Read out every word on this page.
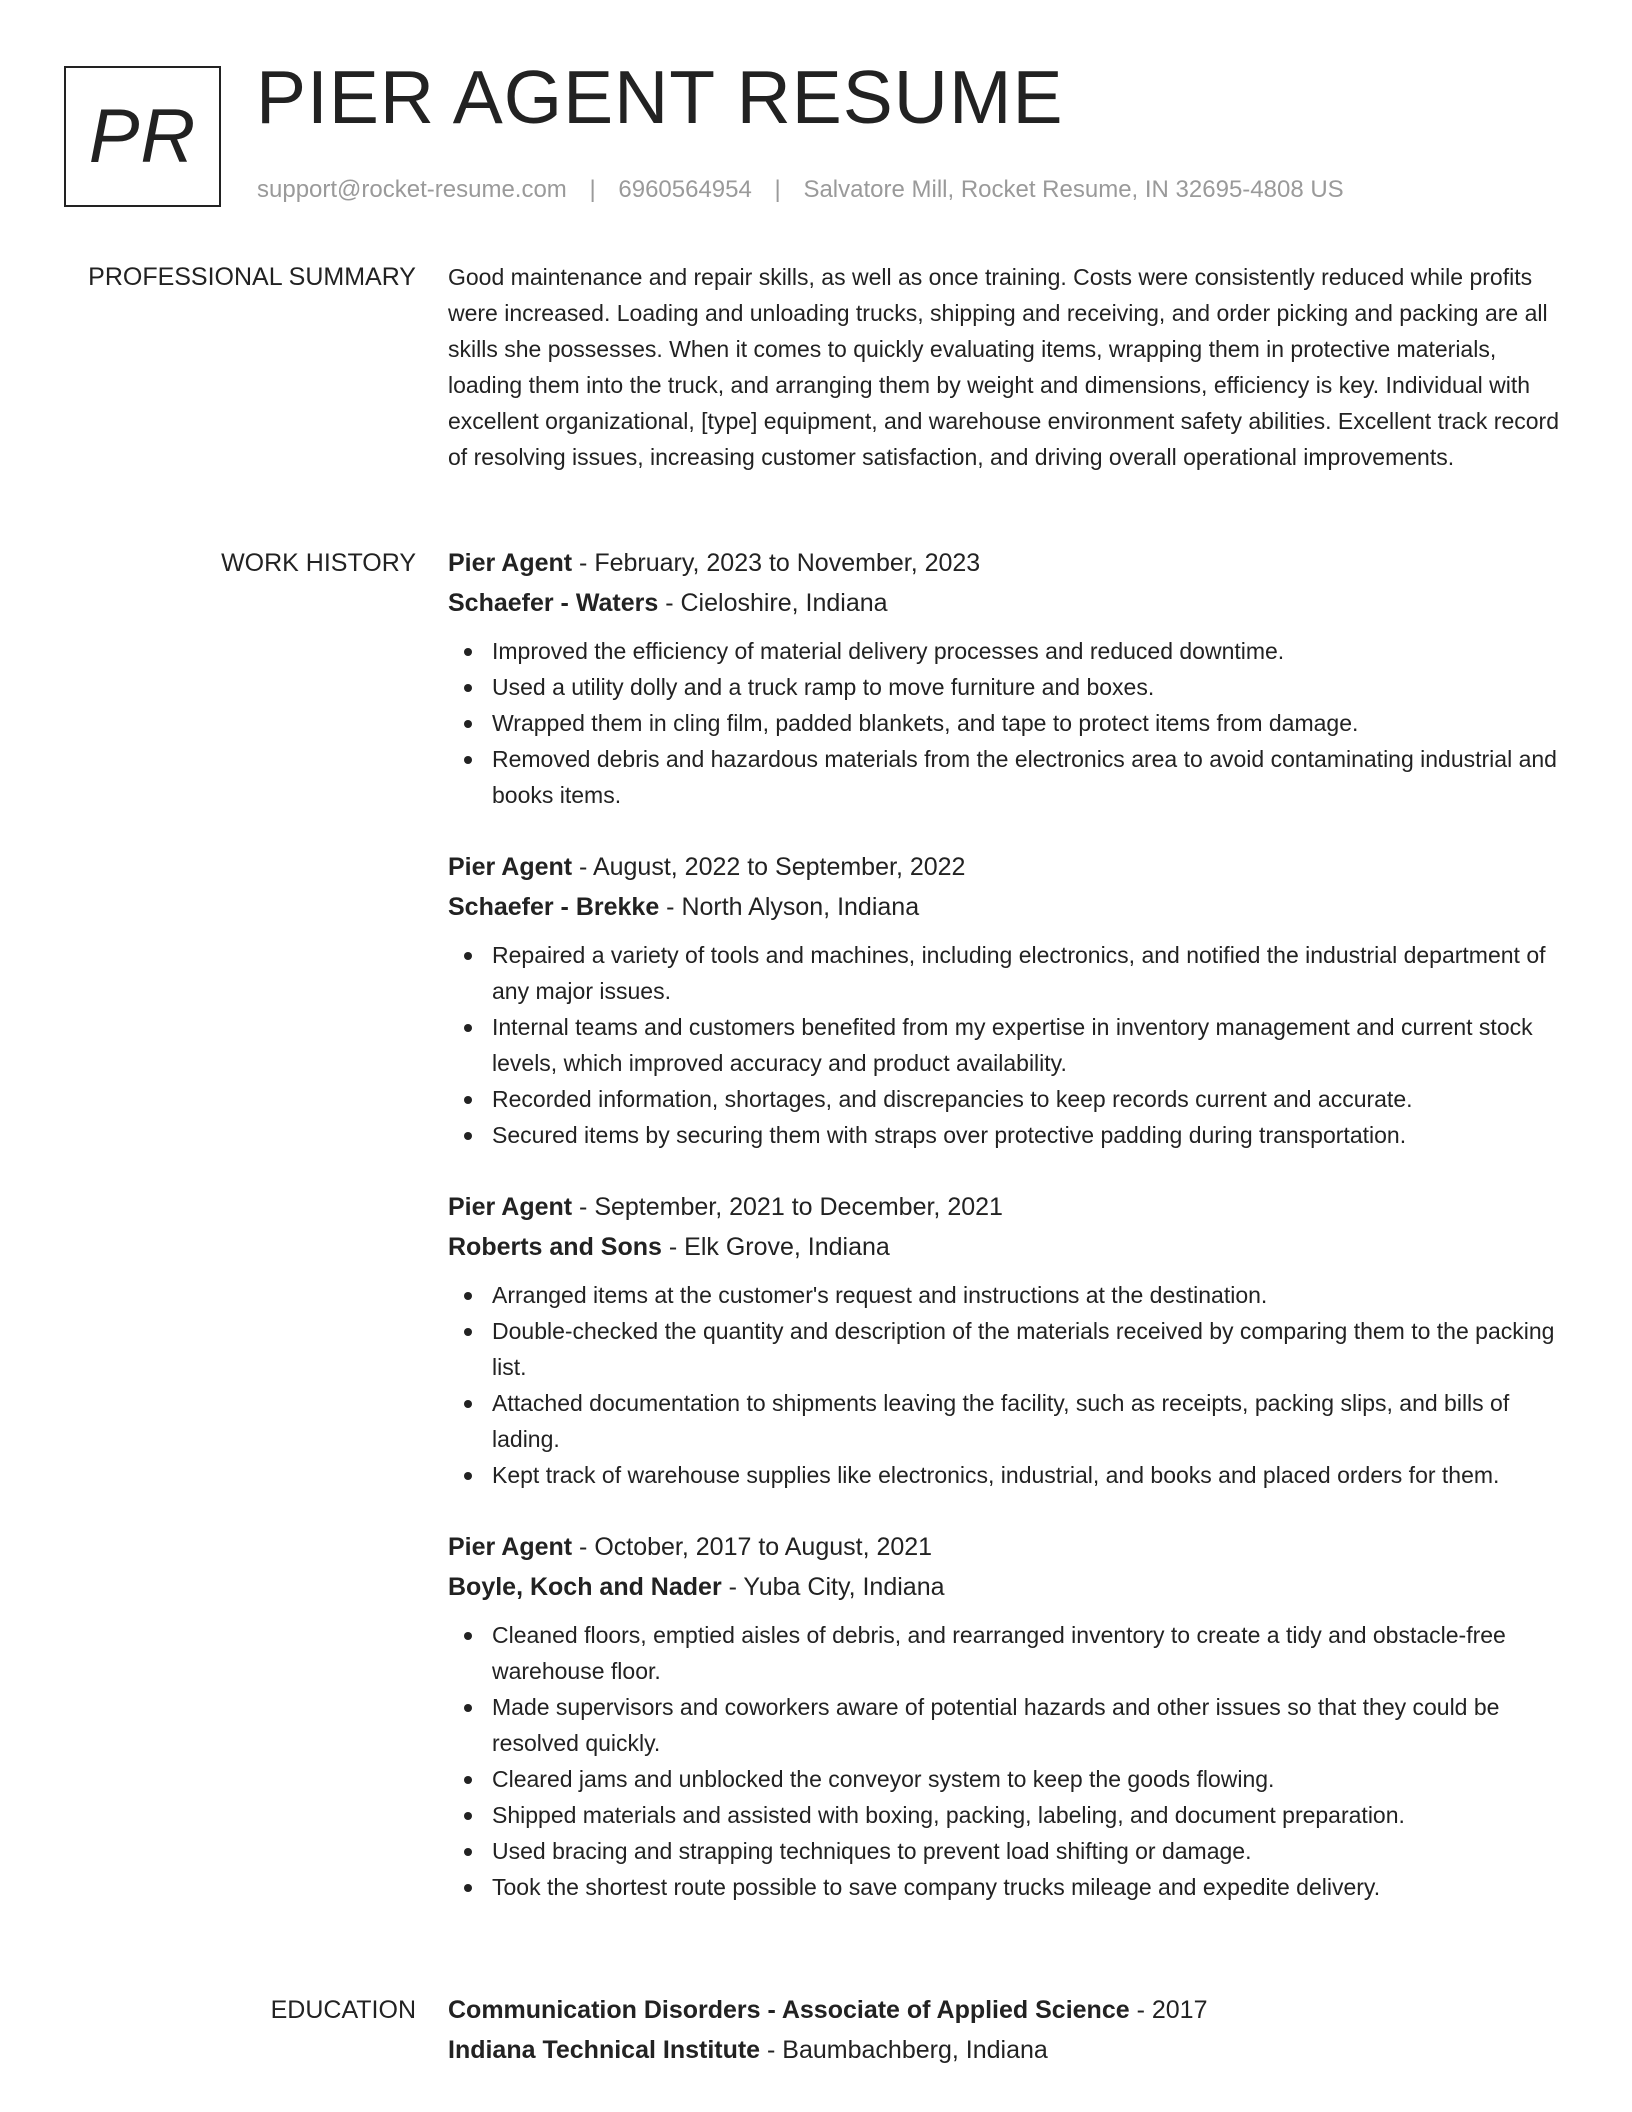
PR PIER AGENT RESUME
support@rocket-resume.com | 6960564954 | Salvatore Mill, Rocket Resume, IN 32695-4808 US
PROFESSIONAL SUMMARY Good maintenance and repair skills, as well as once training. Costs were consistently reduced while profits were increased. Loading and unloading trucks, shipping and receiving, and order picking and packing are all skills she possesses. When it comes to quickly evaluating items, wrapping them in protective materials, loading them into the truck, and arranging them by weight and dimensions, efficiency is key. Individual with excellent organizational, [type] equipment, and warehouse environment safety abilities. Excellent track record of resolving issues, increasing customer satisfaction, and driving overall operational improvements.

WORK HISTORY Pier Agent - February, 2023 to November, 2023

Schaefer - Waters - Cieloshire, Indiana

Improved the efficiency of material delivery processes and reduced downtime.
Used a utility dolly and a truck ramp to move furniture and boxes.
Wrapped them in cling film, padded blankets, and tape to protect items from damage.
Removed debris and hazardous materials from the electronics area to avoid contaminating industrial and books items.

Pier Agent - August, 2022 to September, 2022

Schaefer - Brekke - North Alyson, Indiana

Repaired a variety of tools and machines, including electronics, and notified the industrial department of any major issues.
Internal teams and customers benefited from my expertise in inventory management and current stock levels, which improved accuracy and product availability.
Recorded information, shortages, and discrepancies to keep records current and accurate.
Secured items by securing them with straps over protective padding during transportation.

Pier Agent - September, 2021 to December, 2021

Roberts and Sons - Elk Grove, Indiana

Arranged items at the customer's request and instructions at the destination.
Double-checked the quantity and description of the materials received by comparing them to the packing list.
Attached documentation to shipments leaving the facility, such as receipts, packing slips, and bills of lading.
Kept track of warehouse supplies like electronics, industrial, and books and placed orders for them.

Pier Agent - October, 2017 to August, 2021

Boyle, Koch and Nader - Yuba City, Indiana

Cleaned floors, emptied aisles of debris, and rearranged inventory to create a tidy and obstacle-free warehouse floor.
Made supervisors and coworkers aware of potential hazards and other issues so that they could be resolved quickly.
Cleared jams and unblocked the conveyor system to keep the goods flowing.
Shipped materials and assisted with boxing, packing, labeling, and document preparation.
Used bracing and strapping techniques to prevent load shifting or damage.
Took the shortest route possible to save company trucks mileage and expedite delivery.
EDUCATION Communication Disorders - Associate of Applied Science - 2017

Indiana Technical Institute - Baumbachberg, Indiana
